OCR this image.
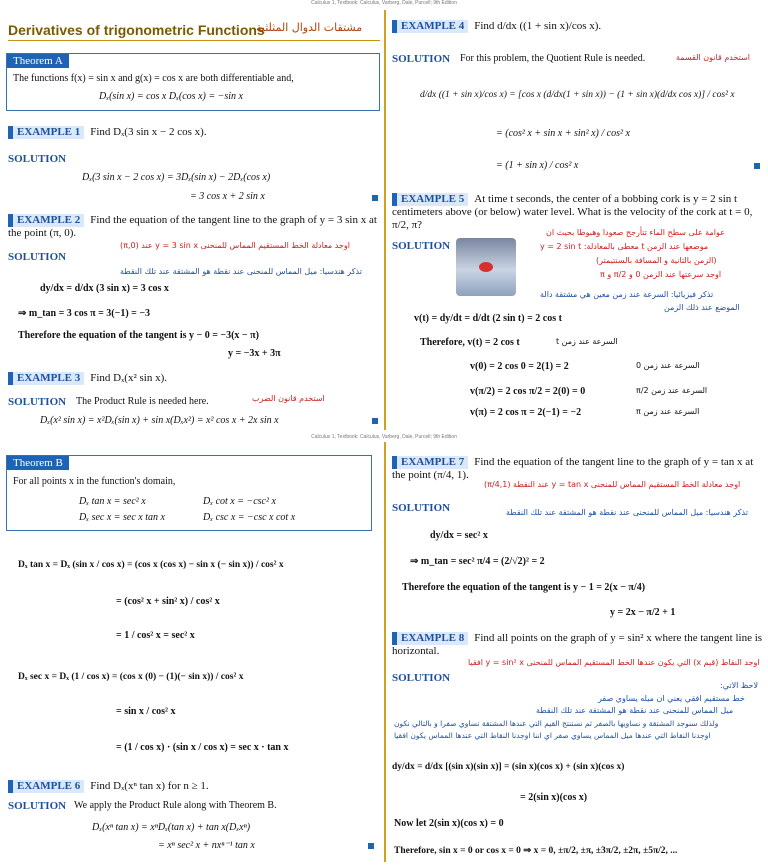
Calculus 1, Textbook: Calculus, Varberg, Dale, Purcell; 9th Edition
Calculus 1, Textbook: Calculus, Varberg, Dale, Purcell; 9th Edition
Derivatives of trigonometric Functions
مشتقات الدوال المثلثية
Theorem A
The functions f(x) = sin x and g(x) = cos x are both differentiable and,
Dₓ(sin x) = cos x Dₓ(cos x) = −sin x
EXAMPLE 1 Find Dₓ(3 sin x − 2 cos x).
SOLUTION
Dₓ(3 sin x − 2 cos x) = 3Dₓ(sin x) − 2Dₓ(cos x)
= 3 cos x + 2 sin x
EXAMPLE 2 Find the equation of the tangent line to the graph of y = 3 sin x at the point (π, 0).
اوجد معادلة الخط المستقيم المماس للمنحنى y = 3 sin x عند (π,0)
SOLUTION
تذكر هندسيا: ميل المماس للمنحنى عند نقطة هو المشتقة عند تلك النقطة
dy/dx = d/dx (3 sin x) = 3 cos x
⇒ m_tan = 3 cos π = 3(−1) = −3
Therefore the equation of the tangent is y − 0 = −3(x − π)
y = −3x + 3π
EXAMPLE 3 Find Dₓ(x² sin x).
SOLUTION The Product Rule is needed here.	استخدم قانون الضرب
Dₓ(x² sin x) = x²Dₓ(sin x) + sin x(Dₓx²) = x² cos x + 2x sin x
EXAMPLE 4 Find d/dx ((1 + sin x)/cos x).
SOLUTION For this problem, the Quotient Rule is needed.	استخدم قانون القسمة
d/dx ((1 + sin x)/cos x) = [cos x (d/dx(1 + sin x)) − (1 + sin x)(d/dx cos x)] / cos² x
= (cos² x + sin x + sin² x) / cos² x
= (1 + sin x) / cos² x
EXAMPLE 5 At time t seconds, the center of a bobbing cork is y = 2 sin t centimeters above (or below) water level. What is the velocity of the cork at t = 0, π/2, π?
SOLUTION
عوامة على سطح الماء تتأرجح صعودا وهبوطا بحيث ان
موضعها عند الزمن t معطى بالمعادلة: y = 2 sin t
(الزمن بالثانية و المسافة بالسنتيمتر)
اوجد سرعتها عند الزمن 0 و π/2 و π
تذكر فيزيائيا: السرعة عند زمن معين هي مشتقة دالة
الموضع عند ذلك الزمن
v(t) = dy/dt = d/dt (2 sin t) = 2 cos t
Therefore, v(t) = 2 cos t	السرعة عند زمن t
v(0) = 2 cos 0 = 2(1) = 2	السرعة عند زمن 0
v(π/2) = 2 cos π/2 = 2(0) = 0	السرعة عند زمن π/2
v(π) = 2 cos π = 2(−1) = −2	السرعة عند زمن π
Theorem B
For all points x in the function's domain,
Dₓ tan x = sec² x	Dₓ cot x = −csc² x
Dₓ sec x = sec x tan x	Dₓ csc x = −csc x cot x
Dₓ tan x = Dₓ (sin x / cos x) = (cos x (cos x) − sin x (− sin x)) / cos² x
= (cos² x + sin² x) / cos² x
= 1 / cos² x = sec² x
Dₓ sec x = Dₓ (1 / cos x) = (cos x (0) − (1)(− sin x)) / cos² x
= sin x / cos² x
= (1 / cos x) · (sin x / cos x) = sec x · tan x
EXAMPLE 6 Find Dₓ(xⁿ tan x) for n ≥ 1.
SOLUTION We apply the Product Rule along with Theorem B.
Dₓ(xⁿ tan x) = xⁿDₓ(tan x) + tan x(Dₓxⁿ)
= xⁿ sec² x + nxⁿ⁻¹ tan x
EXAMPLE 7 Find the equation of the tangent line to the graph of y = tan x at the point (π/4, 1).
اوجد معادلة الخط المستقيم المماس للمنحنى y = tan x عند النقطة (π/4,1)
SOLUTION	تذكر هندسيا: ميل المماس للمنحنى عند نقطة هو المشتقة عند تلك النقطة
dy/dx = sec² x
⇒ m_tan = sec² π/4 = (2/√2)² = 2
Therefore the equation of the tangent is y − 1 = 2(x − π/4)
y = 2x − π/2 + 1
EXAMPLE 8 Find all points on the graph of y = sin² x where the tangent line is horizontal.
اوجد النقاط (قيم x) التي يكون عندها الخط المستقيم المماس للمنحنى y = sin² x افقيا
SOLUTION
لاحظ الاتي:
خط مستقيم افقي يعني ان ميله يساوي صفر
ميل المماس للمنحنى عند نقطة هو المشتقة عند تلك النقطة
ولذلك سنوجد المشتقة و نساويها بالصفر ثم نستنتج القيم التي عندها المشتقة تساوي صفرا و بالتالي نكون
اوجدنا النقاط التي عندها ميل المماس يساوي صفر اي اننا اوجدنا النقاط التي عندها المماس يكون افقيا
dy/dx = d/dx [(sin x)(sin x)] = (sin x)(cos x) + (sin x)(cos x)
= 2(sin x)(cos x)
Now let 2(sin x)(cos x) = 0
Therefore, sin x = 0 or cos x = 0 ⇒ x = 0, ±π/2, ±π, ±3π/2, ±2π, ±5π/2, ...
